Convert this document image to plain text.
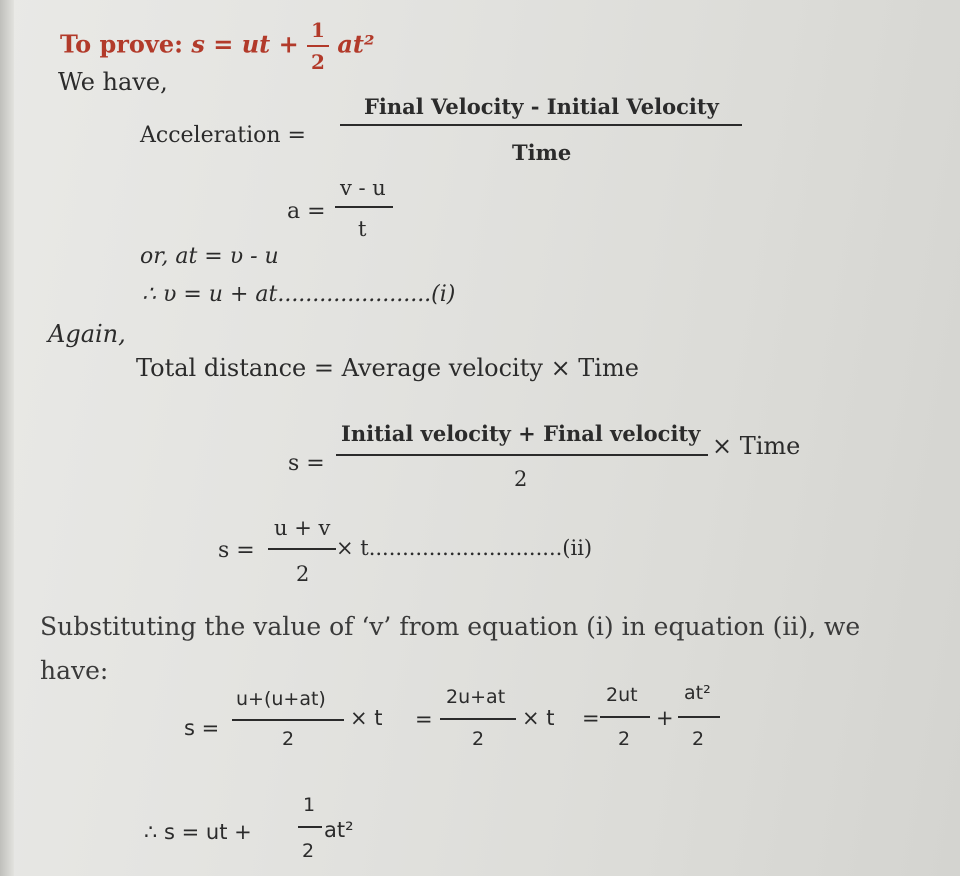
To prove: s = ut + $\frac{1}{2} at^2$
We have,
Acceleration =
Final Velocity - Initial Velocity
Time
a =
v - u
t
or, at = υ - u
∴ υ = u + at......................(i)
Again,
Total distance = Average velocity × Time
s =
Initial velocity + Final velocity
2
× Time
s =
u + v
2
× t.............................(ii)
Substituting the value of ‘v’ from equation (i) in equation (ii), we
have:
s =
u+(u+at)
2
× t =
2u+at
2
× t =
2ut
2
+
at²
2
∴ s = ut +
1
2
at²
